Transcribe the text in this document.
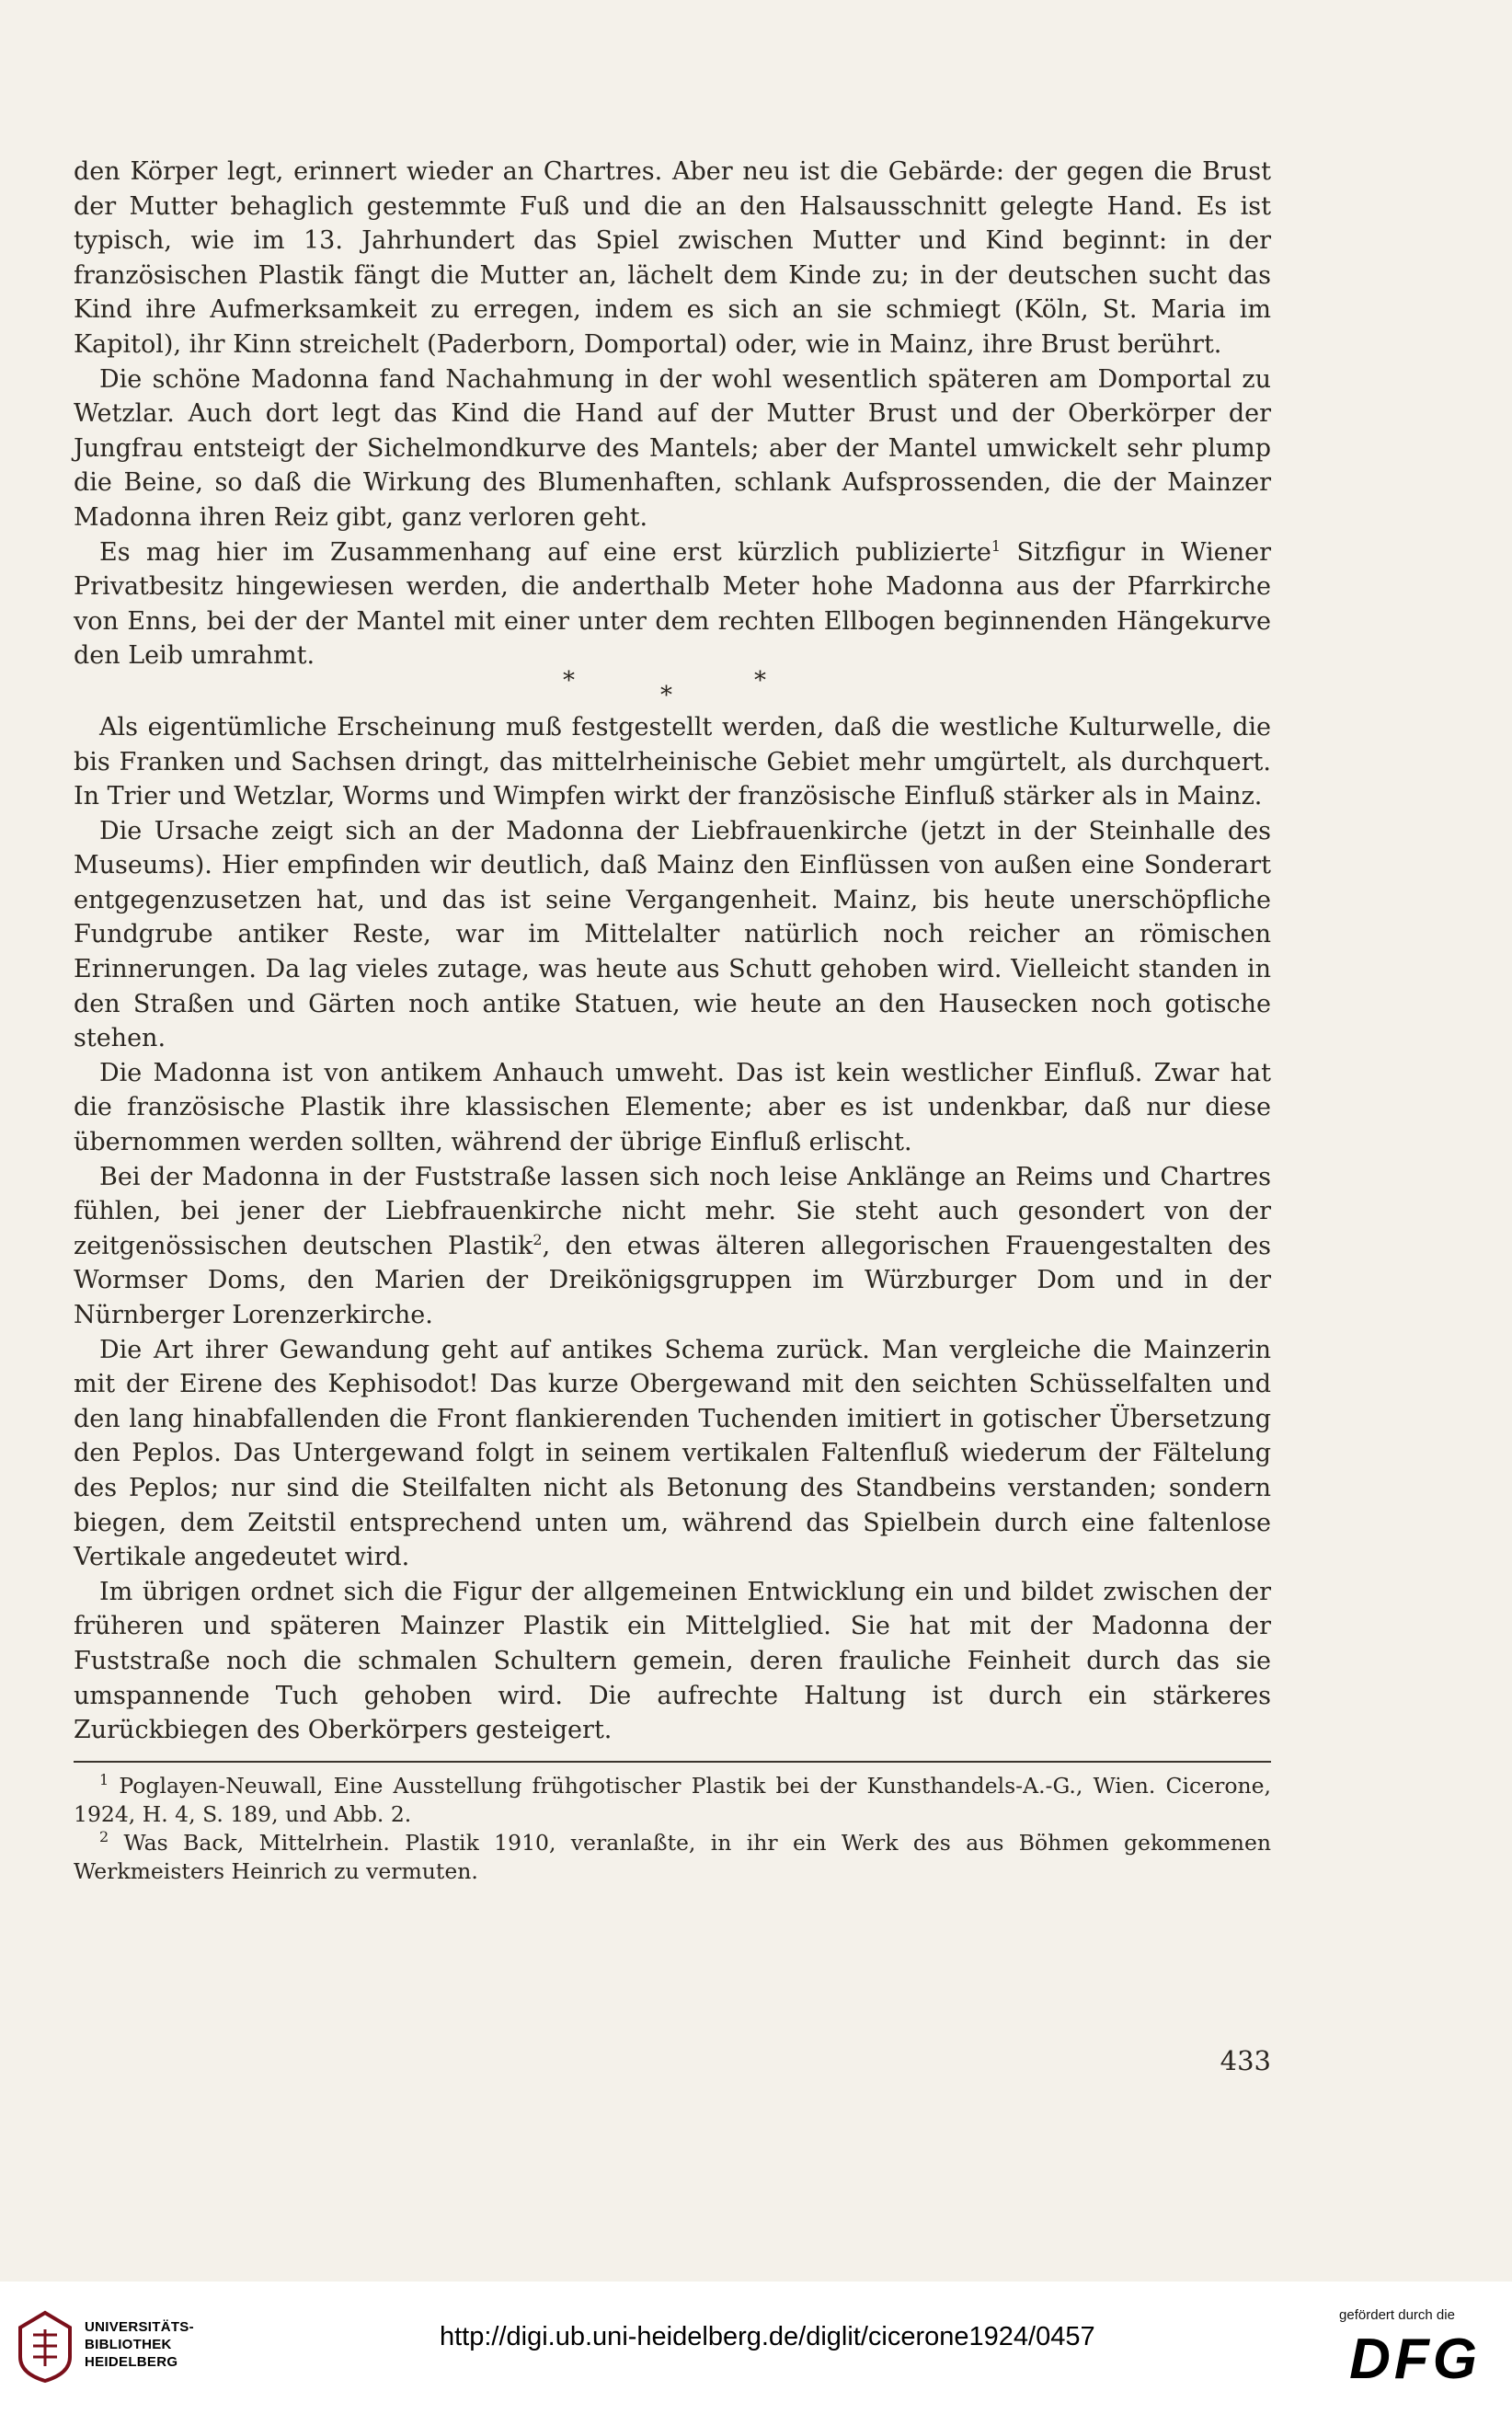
den Körper legt, erinnert wieder an Chartres. Aber neu ist die Gebärde: der gegen die Brust der Mutter behaglich gestemmte Fuß und die an den Halsausschnitt gelegte Hand. Es ist typisch, wie im 13. Jahrhundert das Spiel zwischen Mutter und Kind beginnt: in der französischen Plastik fängt die Mutter an, lächelt dem Kinde zu; in der deutschen sucht das Kind ihre Aufmerksamkeit zu erregen, indem es sich an sie schmiegt (Köln, St. Maria im Kapitol), ihr Kinn streichelt (Paderborn, Domportal) oder, wie in Mainz, ihre Brust berührt.

Die schöne Madonna fand Nachahmung in der wohl wesentlich späteren am Domportal zu Wetzlar. Auch dort legt das Kind die Hand auf der Mutter Brust und der Oberkörper der Jungfrau entsteigt der Sichelmondkurve des Mantels; aber der Mantel umwickelt sehr plump die Beine, so daß die Wirkung des Blumenhaften, schlank Aufsprossenden, die der Mainzer Madonna ihren Reiz gibt, ganz verloren geht.

Es mag hier im Zusammenhang auf eine erst kürzlich publizierte$^1$ Sitzfigur in Wiener Privatbesitz hingewiesen werden, die anderthalb Meter hohe Madonna aus der Pfarrkirche von Enns, bei der der Mantel mit einer unter dem rechten Ellbogen beginnenden Hängekurve den Leib umrahmt.

*
*
*

Als eigentümliche Erscheinung muß festgestellt werden, daß die westliche Kulturwelle, die bis Franken und Sachsen dringt, das mittelrheinische Gebiet mehr umgürtelt, als durchquert. In Trier und Wetzlar, Worms und Wimpfen wirkt der französische Einfluß stärker als in Mainz.

Die Ursache zeigt sich an der Madonna der Liebfrauenkirche (jetzt in der Steinhalle des Museums). Hier empfinden wir deutlich, daß Mainz den Einflüssen von außen eine Sonderart entgegenzusetzen hat, und das ist seine Vergangenheit. Mainz, bis heute unerschöpfliche Fundgrube antiker Reste, war im Mittelalter natürlich noch reicher an römischen Erinnerungen. Da lag vieles zutage, was heute aus Schutt gehoben wird. Vielleicht standen in den Straßen und Gärten noch antike Statuen, wie heute an den Hausecken noch gotische stehen.

Die Madonna ist von antikem Anhauch umweht. Das ist kein westlicher Einfluß. Zwar hat die französische Plastik ihre klassischen Elemente; aber es ist undenkbar, daß nur diese übernommen werden sollten, während der übrige Einfluß erlischt.

Bei der Madonna in der Fuststraße lassen sich noch leise Anklänge an Reims und Chartres fühlen, bei jener der Liebfrauenkirche nicht mehr. Sie steht auch gesondert von der zeitgenössischen deutschen Plastik$^2$, den etwas älteren allegorischen Frauengestalten des Wormser Doms, den Marien der Dreikönigsgruppen im Würzburger Dom und in der Nürnberger Lorenzerkirche.

Die Art ihrer Gewandung geht auf antikes Schema zurück. Man vergleiche die Mainzerin mit der Eirene des Kephisodot! Das kurze Obergewand mit den seichten Schüsselfalten und den lang hinabfallenden die Front flankierenden Tuchenden imitiert in gotischer Übersetzung den Peplos. Das Untergewand folgt in seinem vertikalen Faltenfluß wiederum der Fältelung des Peplos; nur sind die Steilfalten nicht als Betonung des Standbeins verstanden; sondern biegen, dem Zeitstil entsprechend unten um, während das Spielbein durch eine faltenlose Vertikale angedeutet wird.

Im übrigen ordnet sich die Figur der allgemeinen Entwicklung ein und bildet zwischen der früheren und späteren Mainzer Plastik ein Mittelglied. Sie hat mit der Madonna der Fuststraße noch die schmalen Schultern gemein, deren frauliche Feinheit durch das sie umspannende Tuch gehoben wird. Die aufrechte Haltung ist durch ein stärkeres Zurückbiegen des Oberkörpers gesteigert.

$^1$ Poglayen-Neuwall, Eine Ausstellung frühgotischer Plastik bei der Kunsthandels-A.-G., Wien. Cicerone, 1924, H. 4, S. 189, und Abb. 2.

$^2$ Was Back, Mittelrhein. Plastik 1910, veranlaßte, in ihr ein Werk des aus Böhmen gekommenen Werkmeisters Heinrich zu vermuten.

433
UNIVERSITÄTS-
BIBLIOTHEK
HEIDELBERG
http://digi.ub.uni-heidelberg.de/diglit/cicerone1924/0457
gefördert durch die
DFG
